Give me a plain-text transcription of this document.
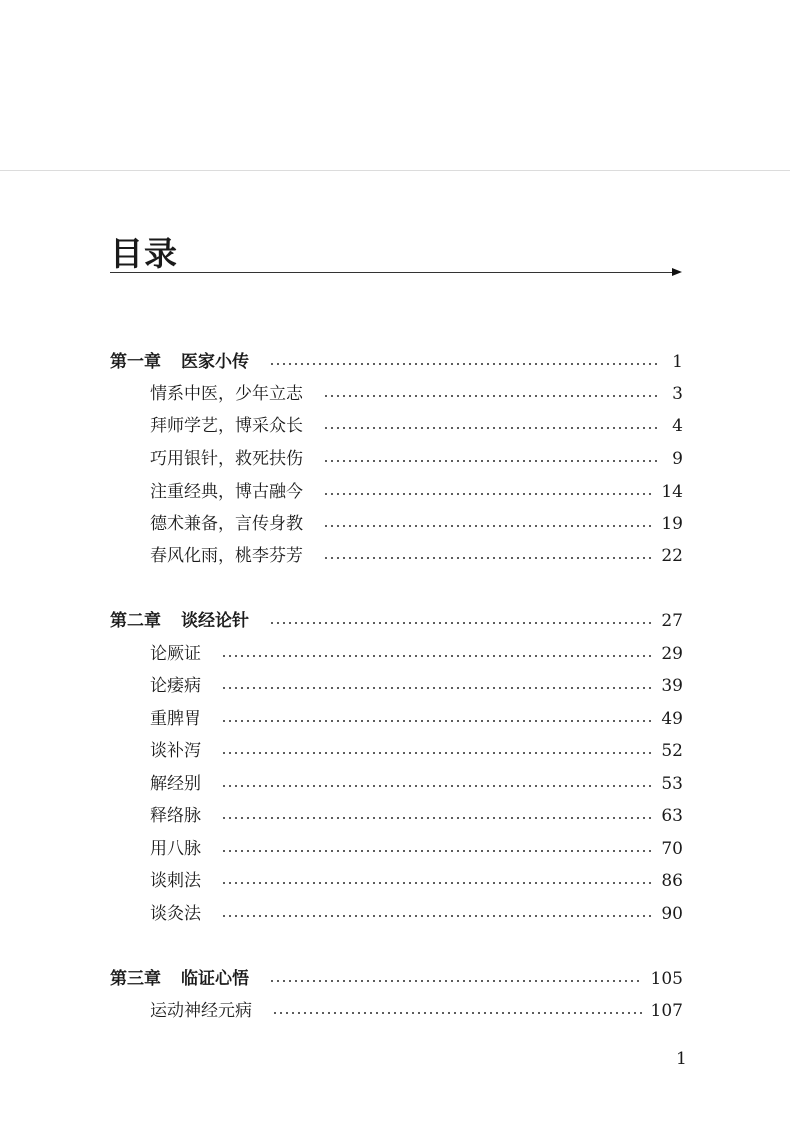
目录
第一章 医家小传	1
情系中医，少年立志	3
拜师学艺，博采众长	4
巧用银针，救死扶伤	9
注重经典，博古融今	14
德术兼备，言传身教	19
春风化雨，桃李芬芳	22
第二章 谈经论针	27
论厥证	29
论痿病	39
重脾胃	49
谈补泻	52
解经别	53
释络脉	63
用八脉	70
谈刺法	86
谈灸法	90
第三章 临证心悟	105
运动神经元病	107
1
